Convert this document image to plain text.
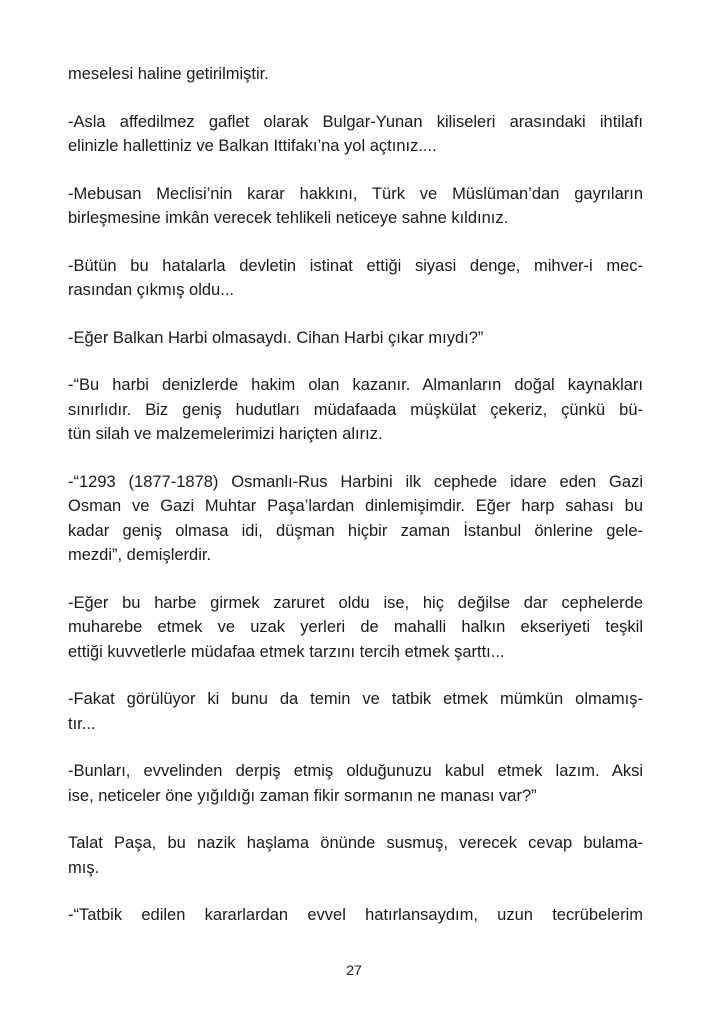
meselesi haline getirilmiştir.

-Asla affedilmez gaflet olarak Bulgar-Yunan kiliseleri arasındaki ihtilafı
elinizle hallettiniz ve Balkan Ittifakı’na yol açtınız....

-Mebusan Meclisi’nin karar hakkını, Türk ve Müslüman’dan gayrıların
birleşmesine imkân verecek tehlikeli neticeye sahne kıldınız.

-Bütün bu hatalarla devletin istinat ettiği siyasi denge, mihver-i mec-
rasından çıkmış oldu...

-Eğer Balkan Harbi olmasaydı. Cihan Harbi çıkar mıydı?”

-“Bu harbi denizlerde hakim olan kazanır. Almanların doğal kaynakları
sınırlıdır. Biz geniş hudutları müdafaada müşkülat çekeriz, çünkü bü-
tün silah ve malzemelerimizi hariçten alırız.

-“1293 (1877-1878) Osmanlı-Rus Harbini ilk cephede idare eden Gazi
Osman ve Gazi Muhtar Paşa’lardan dinlemişimdir. Eğer harp sahası bu
kadar geniş olmasa idi, düşman hiçbir zaman İstanbul önlerine gele-
mezdi”, demişlerdir.

-Eğer bu harbe girmek zaruret oldu ise, hiç değilse dar cephelerde
muharebe etmek ve uzak yerleri de mahalli halkın ekseriyeti teşkil
ettiği kuvvetlerle müdafaa etmek tarzını tercih etmek şarttı...

-Fakat görülüyor ki bunu da temin ve tatbik etmek mümkün olmamış-
tır...

-Bunları, evvelinden derpiş etmiş olduğunuzu kabul etmek lazım. Aksi
ise, neticeler öne yığıldığı zaman fikir sormanın ne manası var?”

Talat Paşa, bu nazik haşlama önünde susmuş, verecek cevap bulama-
mış.

-“Tatbik edilen kararlardan evvel hatırlansaydım, uzun tecrübelerim

27
